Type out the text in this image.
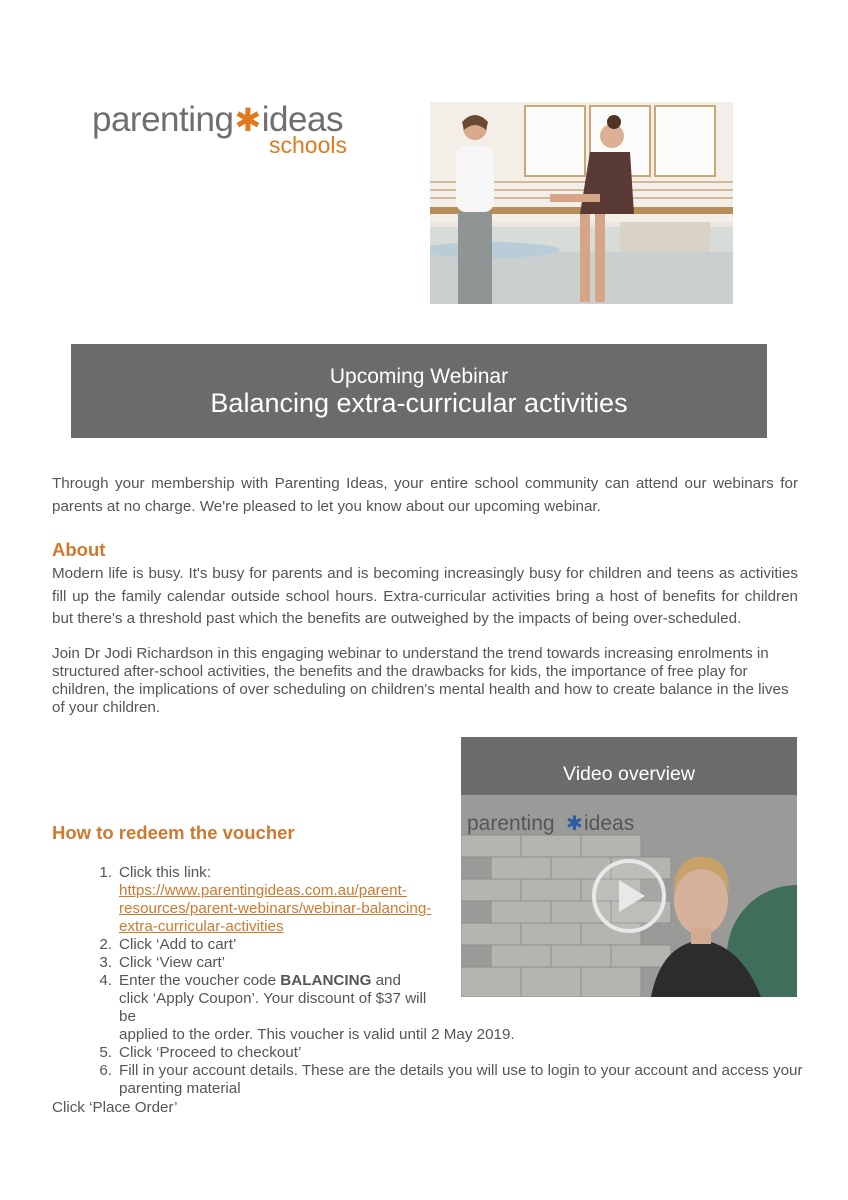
parenting✱ideas
schools
Upcoming Webinar
Balancing extra-curricular activities
Through your membership with Parenting Ideas, your entire school community can attend our webinars for parents at no charge. We're pleased to let you know about our upcoming webinar.
About
Modern life is busy. It's busy for parents and is becoming increasingly busy for children and teens as activities fill up the family calendar outside school hours. Extra-curricular activities bring a host of benefits for children but there's a threshold past which the benefits are outweighed by the impacts of being over-scheduled.
Join Dr Jodi Richardson in this engaging webinar to understand the trend towards increasing enrolments in structured after-school activities, the benefits and the drawbacks for kids, the importance of free play for children, the implications of over scheduling on children's mental health and how to create balance in the lives of your children.
Video overview
parenting ✱ ideas
How to redeem the voucher
1. Click this link: https://www.parentingideas.com.au/parent-resources/parent-webinars/webinar-balancing-extra-curricular-activities
2. Click ‘Add to cart’
3. Click ‘View cart’
4. Enter the voucher code BALANCING and click ‘Apply Coupon’. Your discount of $37 will be
applied to the order. This voucher is valid until 2 May 2019.
5. Click ‘Proceed to checkout’
6. Fill in your account details. These are the details you will use to login to your account and access your parenting material
Click ‘Place Order’
